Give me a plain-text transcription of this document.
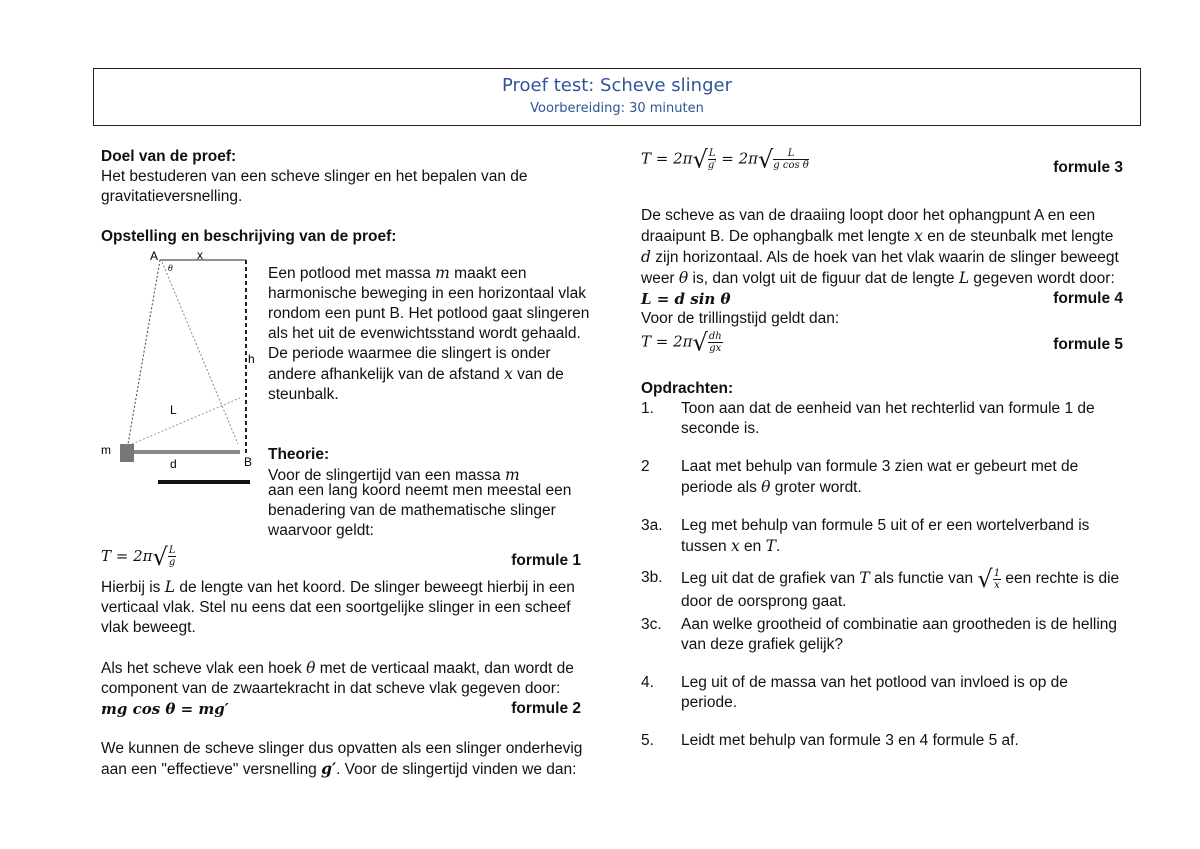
Proef test: Scheve slinger
Voorbereiding: 30 minuten
Doel van de proef:
Het bestuderen van een scheve slinger en het bepalen van de gravitatieversnelling.
Opstelling en beschrijving van de proef:
A	x
θ
h
L
m
d	B
Een potlood met massa m maakt een harmonische beweging in een horizontaal vlak rondom een punt B. Het potlood gaat slingeren als het uit de evenwichtsstand wordt gehaald. De periode waarmee die slingert is onder andere afhankelijk van de afstand x van de steunbalk.
Theorie:
Voor de slingertijd van een massa m
aan een lang koord neemt men meestal een benadering van de mathematische slinger waarvoor geldt:
$T = 2\pi√ \frac{L}{g}$	formule 1
Hierbij is L de lengte van het koord. De slinger beweegt hierbij in een verticaal vlak. Stel nu eens dat een soortgelijke slinger in een scheef vlak beweegt.
Als het scheve vlak een hoek θ met de verticaal maakt, dan wordt de component van de zwaartekracht in dat scheve vlak gegeven door:
mg cos θ = mg′	formule 2
We kunnen de scheve slinger dus opvatten als een slinger onderhevig aan een "effectieve" versnelling g′. Voor de slingertijd vinden we dan:
$T = 2\pi√ \frac{L}{g'} = 2\pi√ \frac{L}{\text{g cos θ}}$	formule 3
De scheve as van de draaiing loopt door het ophangpunt A en een draaipunt B. De ophangbalk met lengte x en de steunbalk met lengte d zijn horizontaal. Als de hoek van het vlak waarin de slinger beweegt weer θ is, dan volgt uit de figuur dat de lengte L gegeven wordt door:
L = d sin θ	formule 4
Voor de trillingstijd geldt dan:
$T = 2\pi√ \frac{dh}{gx}$	formule 5
Opdrachten:
1. Toon aan dat de eenheid van het rechterlid van formule 1 de seconde is.
2 Laat met behulp van formule 3 zien wat er gebeurt met de periode als θ groter wordt.
3a. Leg met behulp van formule 5 uit of er een wortelverband is tussen x en T.
3b. Leg uit dat de grafiek van T als functie van √ $\frac{1}{x}$ een rechte is die door de oorsprong gaat.
3c. Aan welke grootheid of combinatie aan grootheden is de helling van deze grafiek gelijk?
4. Leg uit of de massa van het potlood van invloed is op de periode.
5. Leidt met behulp van formule 3 en 4 formule 5 af.
